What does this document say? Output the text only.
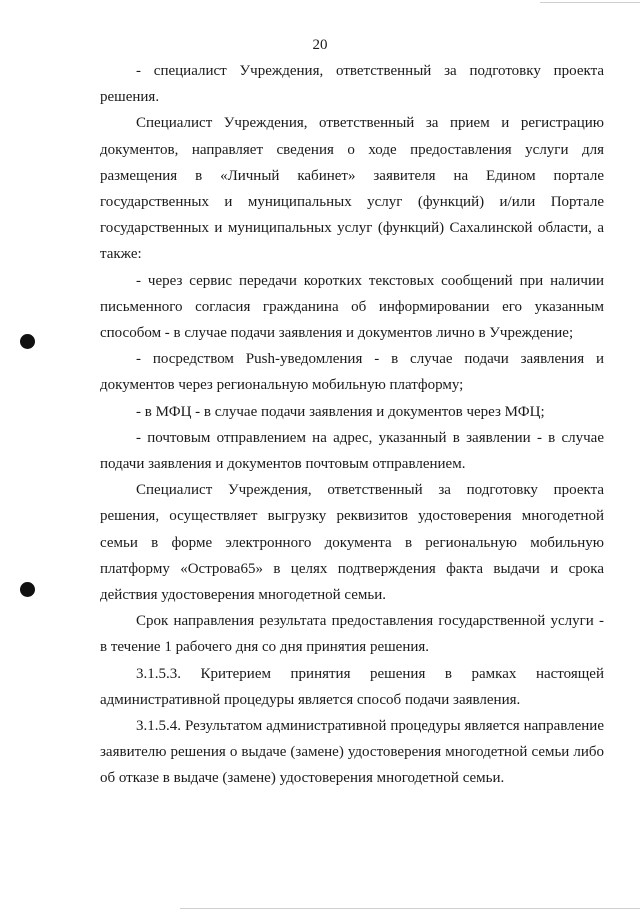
20

- специалист Учреждения, ответственный за подготовку проекта решения.

Специалист Учреждения, ответственный за прием и регистрацию документов, направляет сведения о ходе предоставления услуги для размещения в «Личный кабинет» заявителя на Едином портале государственных и муниципальных услуг (функций) и/или Портале государственных и муниципальных услуг (функций) Сахалинской области, а также:

- через сервис передачи коротких текстовых сообщений при наличии письменного согласия гражданина об информировании его указанным способом - в случае подачи заявления и документов лично в Учреждение;

- посредством Push-уведомления - в случае подачи заявления и документов через региональную мобильную платформу;

- в МФЦ - в случае подачи заявления и документов через МФЦ;

- почтовым отправлением на адрес, указанный в заявлении - в случае подачи заявления и документов почтовым отправлением.

Специалист Учреждения, ответственный за подготовку проекта решения, осуществляет выгрузку реквизитов удостоверения многодетной семьи в форме электронного документа в региональную мобильную платформу «Острова65» в целях подтверждения факта выдачи и срока действия удостоверения многодетной семьи.

Срок направления результата предоставления государственной услуги - в течение 1 рабочего дня со дня принятия решения.

3.1.5.3. Критерием принятия решения в рамках настоящей административной процедуры является способ подачи заявления.

3.1.5.4. Результатом административной процедуры является направление заявителю решения о выдаче (замене) удостоверения многодетной семьи либо об отказе в выдаче (замене) удостоверения многодетной семьи.
